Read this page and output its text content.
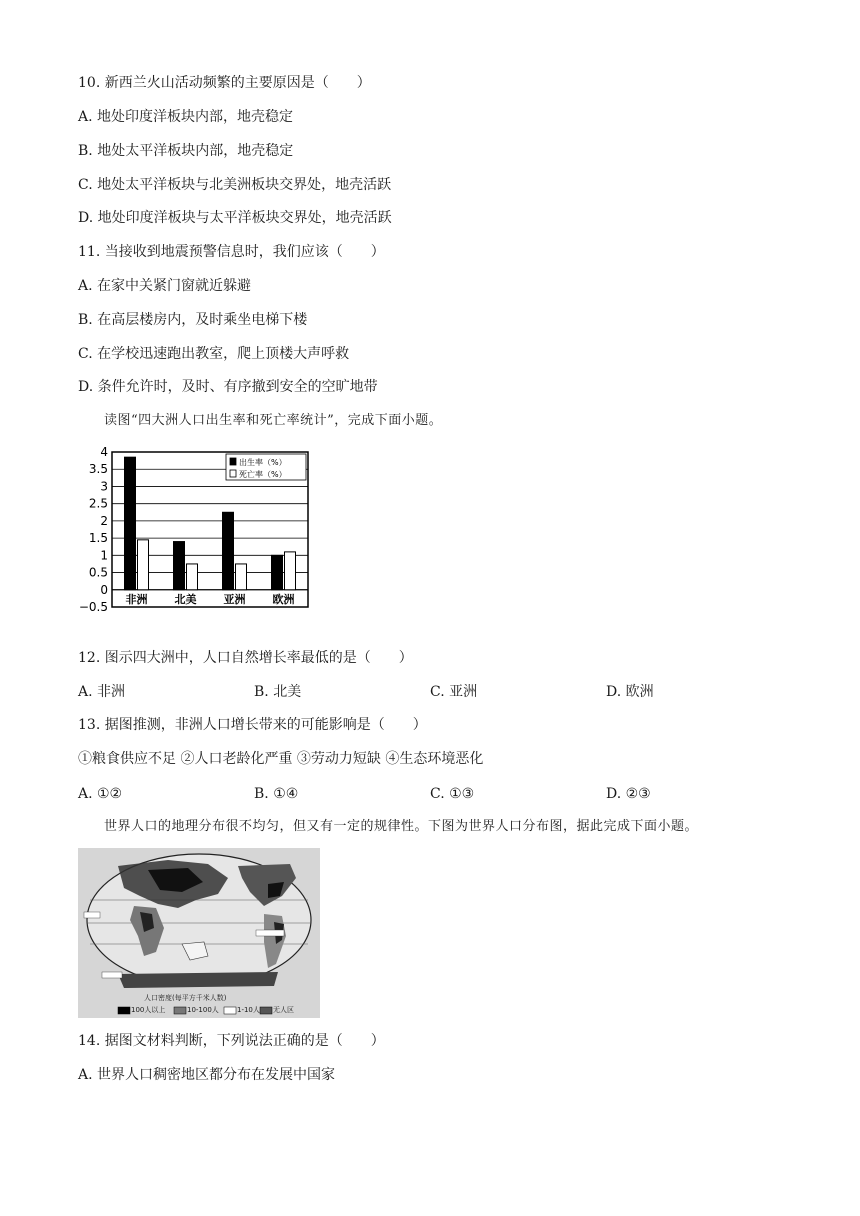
10. 新西兰火山活动频繁的主要原因是（　　）
A. 地处印度洋板块内部，地壳稳定
B. 地处太平洋板块内部，地壳稳定
C. 地处太平洋板块与北美洲板块交界处，地壳活跃
D. 地处印度洋板块与太平洋板块交界处，地壳活跃
11. 当接收到地震预警信息时，我们应该（　　）
A. 在家中关紧门窗就近躲避
B. 在高层楼房内，及时乘坐电梯下楼
C. 在学校迅速跑出教室，爬上顶楼大声呼救
D. 条件允许时，及时、有序撤到安全的空旷地带
读图“四大洲人口出生率和死亡率统计”，完成下面小题。
4
3.5
3
2.5
2
1.5
1
0.5
0
−0.5
非洲 北美 亚洲 欧洲
出生率（%）
死亡率（%）
12. 图示四大洲中，人口自然增长率最低的是（　　）
A. 非洲	B. 北美	C. 亚洲	D. 欧洲
13. 据图推测，非洲人口增长带来的可能影响是（　　）
①粮食供应不足 ②人口老龄化严重 ③劳动力短缺 ④生态环境恶化
A. ①②	B. ①④	C. ①③	D. ②③
世界人口的地理分布很不均匀，但又有一定的规律性。下图为世界人口分布图，据此完成下面小题。
人口密度(每平方千米人数)
100人以上	10-100人	1-10人 无人区
14. 据图文材料判断，下列说法正确的是（　　）
A. 世界人口稠密地区都分布在发展中国家
